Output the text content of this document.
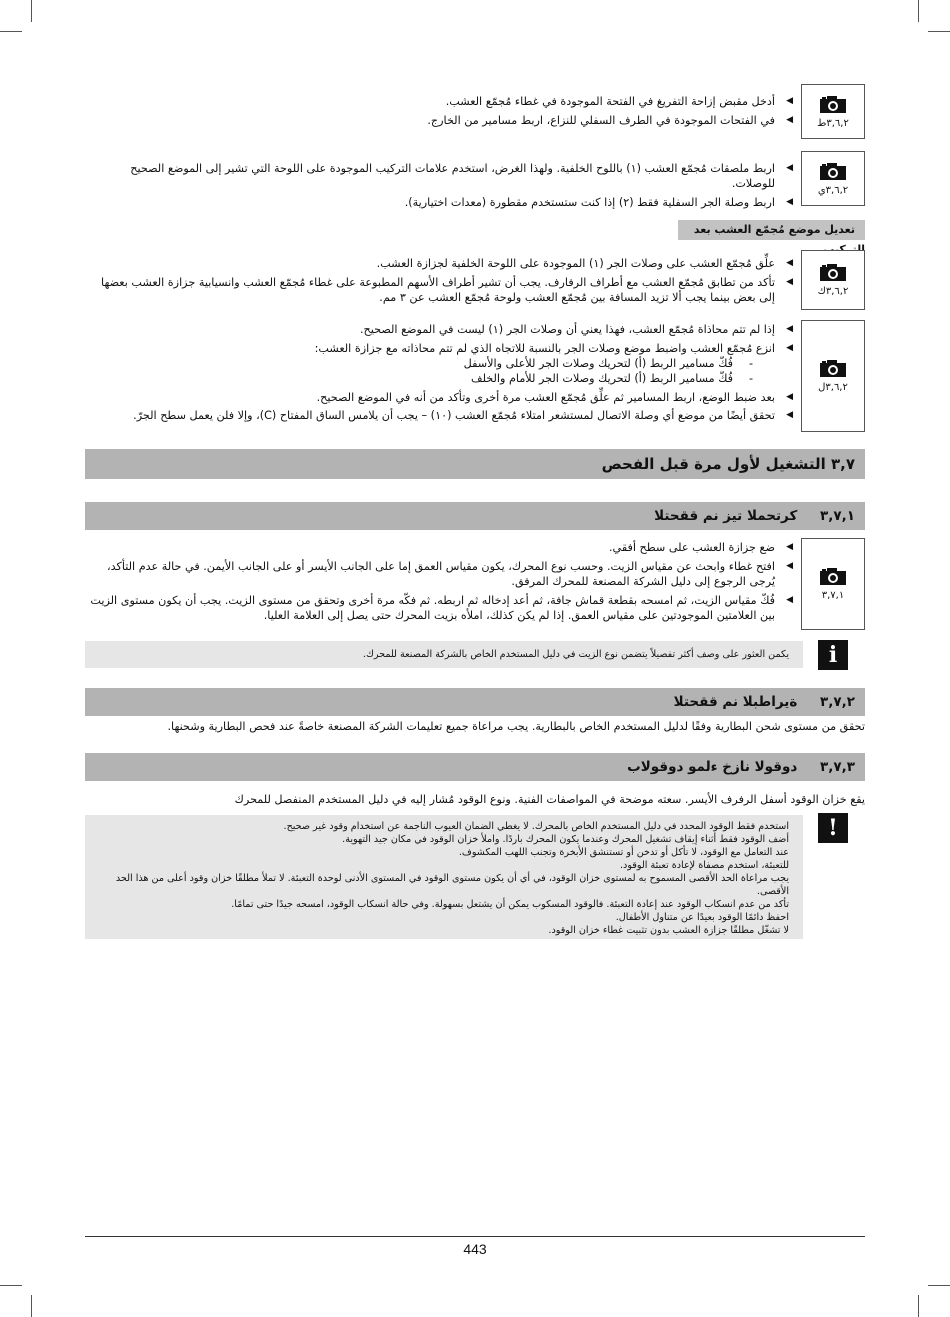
٣,٦,٢ط

◀ أدخل مقبض إزاحة التفريغ في الفتحة الموجودة في غطاء مُجمّع العشب.

◀ في الفتحات الموجودة في الطرف السفلي للنزاع، اربط مسامير من الخارج.

٣,٦,٢ي

◀ اربط ملصقات مُجمّع العشب (١) باللوح الخلفية. ولهذا الغرض، استخدم علامات التركيب الموجودة على اللوحة التي تشير إلى الموضع الصحيح للوصلات.

◀ اربط وصلة الجر السفلية فقط (٢) إذا كنت ستستخدم مقطورة (معدات اختيارية).

تعديل موضع مُجمّع العشب بعد
٣,٦,٢ك

◀ علِّق مُجمّع العشب على وصلات الجر (١) الموجودة على اللوحة الخلفية لجزازة العشب.

◀ تأكد من تطابق مُجمّع العشب مع أطراف الرفارف. يجب أن تشير أطراف الأسهم المطبوعة على غطاء مُجمّع العشب وانسيابية جزازة العشب بعضها إلى بعض بينما يجب ألا تزيد المسافة بين مُجمّع العشب ولوحة مُجمّع العشب عن ٣ مم.

٣,٦,٢ل

◀ إذا لم تتم محاذاة مُجمّع العشب، فهذا يعني أن وصلات الجر (١) ليست في الموضع الصحيح.

◀ انزع مُجمّع العشب واضبط موضع وصلات الجر بالنسبة للاتجاه الذي لم تتم محاذاته مع جزازة العشب:

- فُكّ مسامير الربط (أ) لتحريك وصلات الجر للأعلى والأسفل

- فُكّ مسامير الربط (أ) لتحريك وصلات الجر للأمام والخلف

◀ بعد ضبط الوضع، اربط المسامير ثم علِّق مُجمّع العشب مرة أخرى وتأكد من أنه في الموضع الصحيح.

◀ تحقق أيضًا من موضع أي وصلة الاتصال لمستشعر امتلاء مُجمّع العشب (١٠) – يجب أن يلامس الساق المفتاح (C)، وإلا فلن يعمل سطح الجرّ.

٣,٧ التشغيل لأول مرة قبل الفحص
٣,٧,١ كرتحملا تيز نم ققحتلا
٣,٧,١

◀ ضع جزازة العشب على سطح أفقي.

◀ افتح غطاء وابحث عن مقياس الزيت. وحسب نوع المحرك، يكون مقياس العمق إما على الجانب الأيسر أو على الجانب الأيمن. في حالة عدم التأكد، يُرجى الرجوع إلى دليل الشركة المصنعة للمحرك المرفق.

◀ فُكّ مقياس الزيت، ثم امسحه بقطعة قماش جافة، ثم أعد إدخاله ثم اربطه. ثم فكّه مرة أخرى وتحقق من مستوى الزيت. يجب أن يكون مستوى الزيت بين العلامتين الموجودتين على مقياس العمق. إذا لم يكن كذلك، املأه بزيت المحرك حتى يصل إلى العلامة العليا.

يكمن العثور على وصف أكثر تفصيلاً يتضمن نوع الزيت في دليل المستخدم الخاص بالشركة المصنعة للمحرك.	i
٣,٧,٢ ةيراطبلا نم ققحتلا
تحقق من مستوى شحن البطارية وفقًا لدليل المستخدم الخاص بالبطارية. يجب مراعاة جميع تعليمات الشركة المصنعة خاصةً عند فحص البطارية وشحنها.
٣,٧,٣ دوقولا نازخ ءلمو دوقولاب
يقع خزان الوقود أسفل الرفرف الأيسر. سعته موضحة في المواصفات الفنية. ونوع الوقود مُشار إليه في دليل المستخدم المنفصل للمحرك

استخدم فقط الوقود المحدد في دليل المستخدم الخاص بالمحرك. لا يغطي الضمان العيوب الناجمة عن استخدام وقود غير صحيح.

أضف الوقود فقط أثناء إيقاف تشغيل المحرك وعندما يكون المحرك باردًا. واملأ خزان الوقود في مكان جيد التهوية.

عند التعامل مع الوقود، لا تأكل أو تدخن أو تستنشق الأبخرة وتجنب اللهب المكشوف.

للتعبئة، استخدم مصفاة لإعادة تعبئة الوقود.

يجب مراعاة الحد الأقصى المسموح به لمستوى خزان الوقود، في أي أن يكون مستوى الوقود في المستوى الأدنى لوحدة التعبئة. لا تملأ مطلقًا خزان وقود أعلى من هذا الحد الأقصى.

تأكد من عدم انسكاب الوقود عند إعادة التعبئة. فالوقود المسكوب يمكن أن يشتعل بسهولة. وفي حالة انسكاب الوقود، امسحه جيدًا حتى تمامًا.

احفظ دائمًا الوقود بعيدًا عن متناول الأطفال.

لا تشغّل مطلقًا جزازة العشب بدون تثبيت غطاء خزان الوقود.

!
443
